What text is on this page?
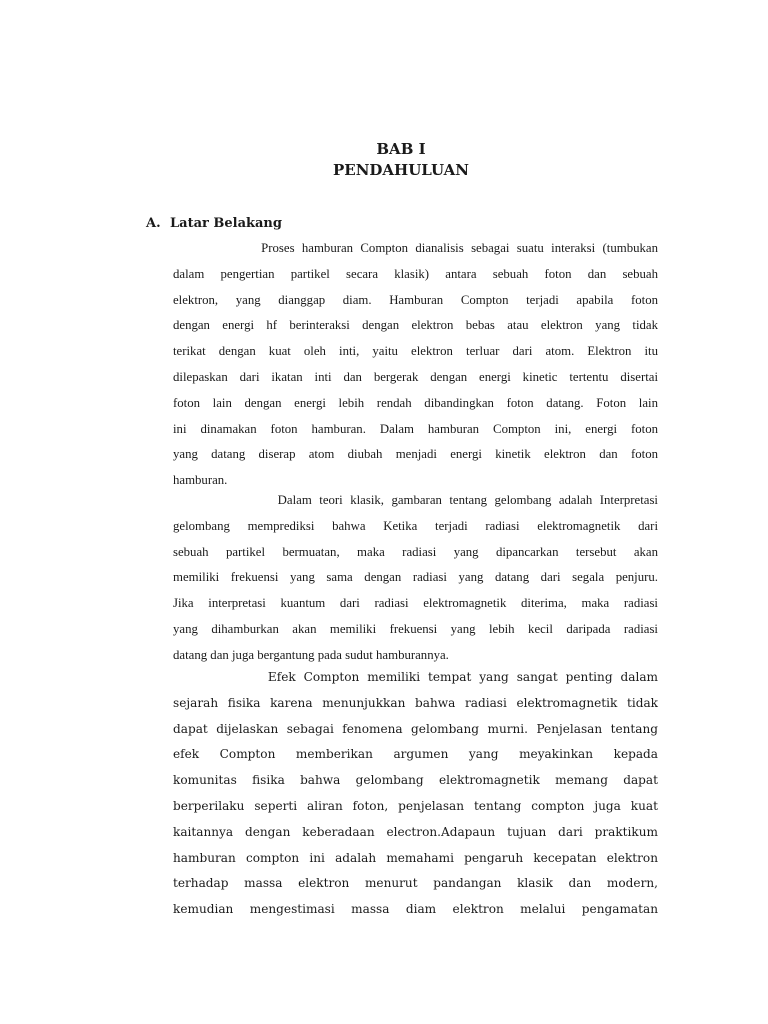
BAB I
PENDAHULUAN
A. Latar Belakang
Proses hamburan Compton dianalisis sebagai suatu interaksi (tumbukan
dalam pengertian partikel secara klasik) antara sebuah foton dan sebuah
elektron, yang dianggap diam. Hamburan Compton terjadi apabila foton
dengan energi hf berinteraksi dengan elektron bebas atau elektron yang tidak
terikat dengan kuat oleh inti, yaitu elektron terluar dari atom. Elektron itu
dilepaskan dari ikatan inti dan bergerak dengan energi kinetic tertentu disertai
foton lain dengan energi lebih rendah dibandingkan foton datang. Foton lain
ini dinamakan foton hamburan. Dalam hamburan Compton ini, energi foton
yang datang diserap atom diubah menjadi energi kinetik elektron dan foton
hamburan.
Dalam teori klasik, gambaran tentang gelombang adalah Interpretasi
gelombang memprediksi bahwa Ketika terjadi radiasi elektromagnetik dari
sebuah partikel bermuatan, maka radiasi yang dipancarkan tersebut akan
memiliki frekuensi yang sama dengan radiasi yang datang dari segala penjuru.
Jika interpretasi kuantum dari radiasi elektromagnetik diterima, maka radiasi
yang dihamburkan akan memiliki frekuensi yang lebih kecil daripada radiasi
datang dan juga bergantung pada sudut hamburannya.
Efek Compton memiliki tempat yang sangat penting dalam
sejarah fisika karena menunjukkan bahwa radiasi elektromagnetik tidak
dapat dijelaskan sebagai fenomena gelombang murni. Penjelasan tentang
efek Compton memberikan argumen yang meyakinkan kepada
komunitas fisika bahwa gelombang elektromagnetik memang dapat
berperilaku seperti aliran foton, penjelasan tentang compton juga kuat
kaitannya dengan keberadaan electron.Adapaun tujuan dari praktikum
hamburan compton ini adalah memahami pengaruh kecepatan elektron
terhadap massa elektron menurut pandangan klasik dan modern,
kemudian mengestimasi massa diam elektron melalui pengamatan
